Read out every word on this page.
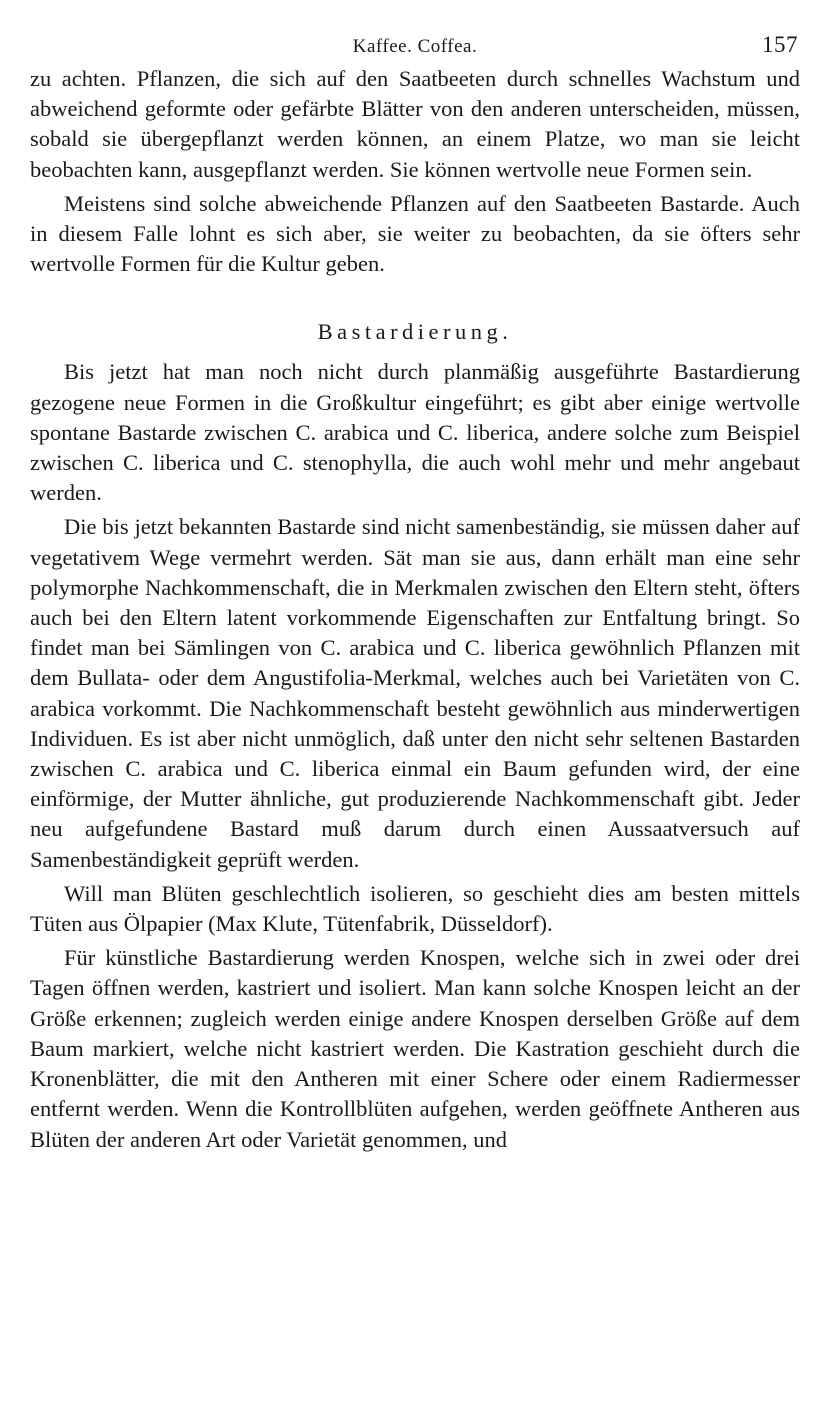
Kaffee. Coffea.	157

zu achten. Pflanzen, die sich auf den Saatbeeten durch schnelles Wachstum und abweichend geformte oder gefärbte Blätter von den anderen unterscheiden, müssen, sobald sie übergepflanzt werden können, an einem Platze, wo man sie leicht beobachten kann, ausgepflanzt werden. Sie können wertvolle neue Formen sein.

Meistens sind solche abweichende Pflanzen auf den Saatbeeten Bastarde. Auch in diesem Falle lohnt es sich aber, sie weiter zu beobachten, da sie öfters sehr wertvolle Formen für die Kultur geben.

Bastardierung.

Bis jetzt hat man noch nicht durch planmäßig ausgeführte Bastardierung gezogene neue Formen in die Großkultur eingeführt; es gibt aber einige wertvolle spontane Bastarde zwischen C. arabica und C. liberica, andere solche zum Beispiel zwischen C. liberica und C. stenophylla, die auch wohl mehr und mehr angebaut werden.

Die bis jetzt bekannten Bastarde sind nicht samenbeständig, sie müssen daher auf vegetativem Wege vermehrt werden. Sät man sie aus, dann erhält man eine sehr polymorphe Nachkommenschaft, die in Merkmalen zwischen den Eltern steht, öfters auch bei den Eltern latent vorkommende Eigenschaften zur Entfaltung bringt. So findet man bei Sämlingen von C. arabica und C. liberica gewöhnlich Pflanzen mit dem Bullata- oder dem Angustifolia-Merkmal, welches auch bei Varietäten von C. arabica vorkommt. Die Nachkommenschaft besteht gewöhnlich aus minderwertigen Individuen. Es ist aber nicht unmöglich, daß unter den nicht sehr seltenen Bastarden zwischen C. arabica und C. liberica einmal ein Baum gefunden wird, der eine einförmige, der Mutter ähnliche, gut produzierende Nachkommenschaft gibt. Jeder neu aufgefundene Bastard muß darum durch einen Aussaatversuch auf Samenbeständigkeit geprüft werden.

Will man Blüten geschlechtlich isolieren, so geschieht dies am besten mittels Tüten aus Ölpapier (Max Klute, Tütenfabrik, Düsseldorf).

Für künstliche Bastardierung werden Knospen, welche sich in zwei oder drei Tagen öffnen werden, kastriert und isoliert. Man kann solche Knospen leicht an der Größe erkennen; zugleich werden einige andere Knospen derselben Größe auf dem Baum markiert, welche nicht kastriert werden. Die Kastration geschieht durch die Kronenblätter, die mit den Antheren mit einer Schere oder einem Radiermesser entfernt werden. Wenn die Kontrollblüten aufgehen, werden geöffnete Antheren aus Blüten der anderen Art oder Varietät genommen, und
